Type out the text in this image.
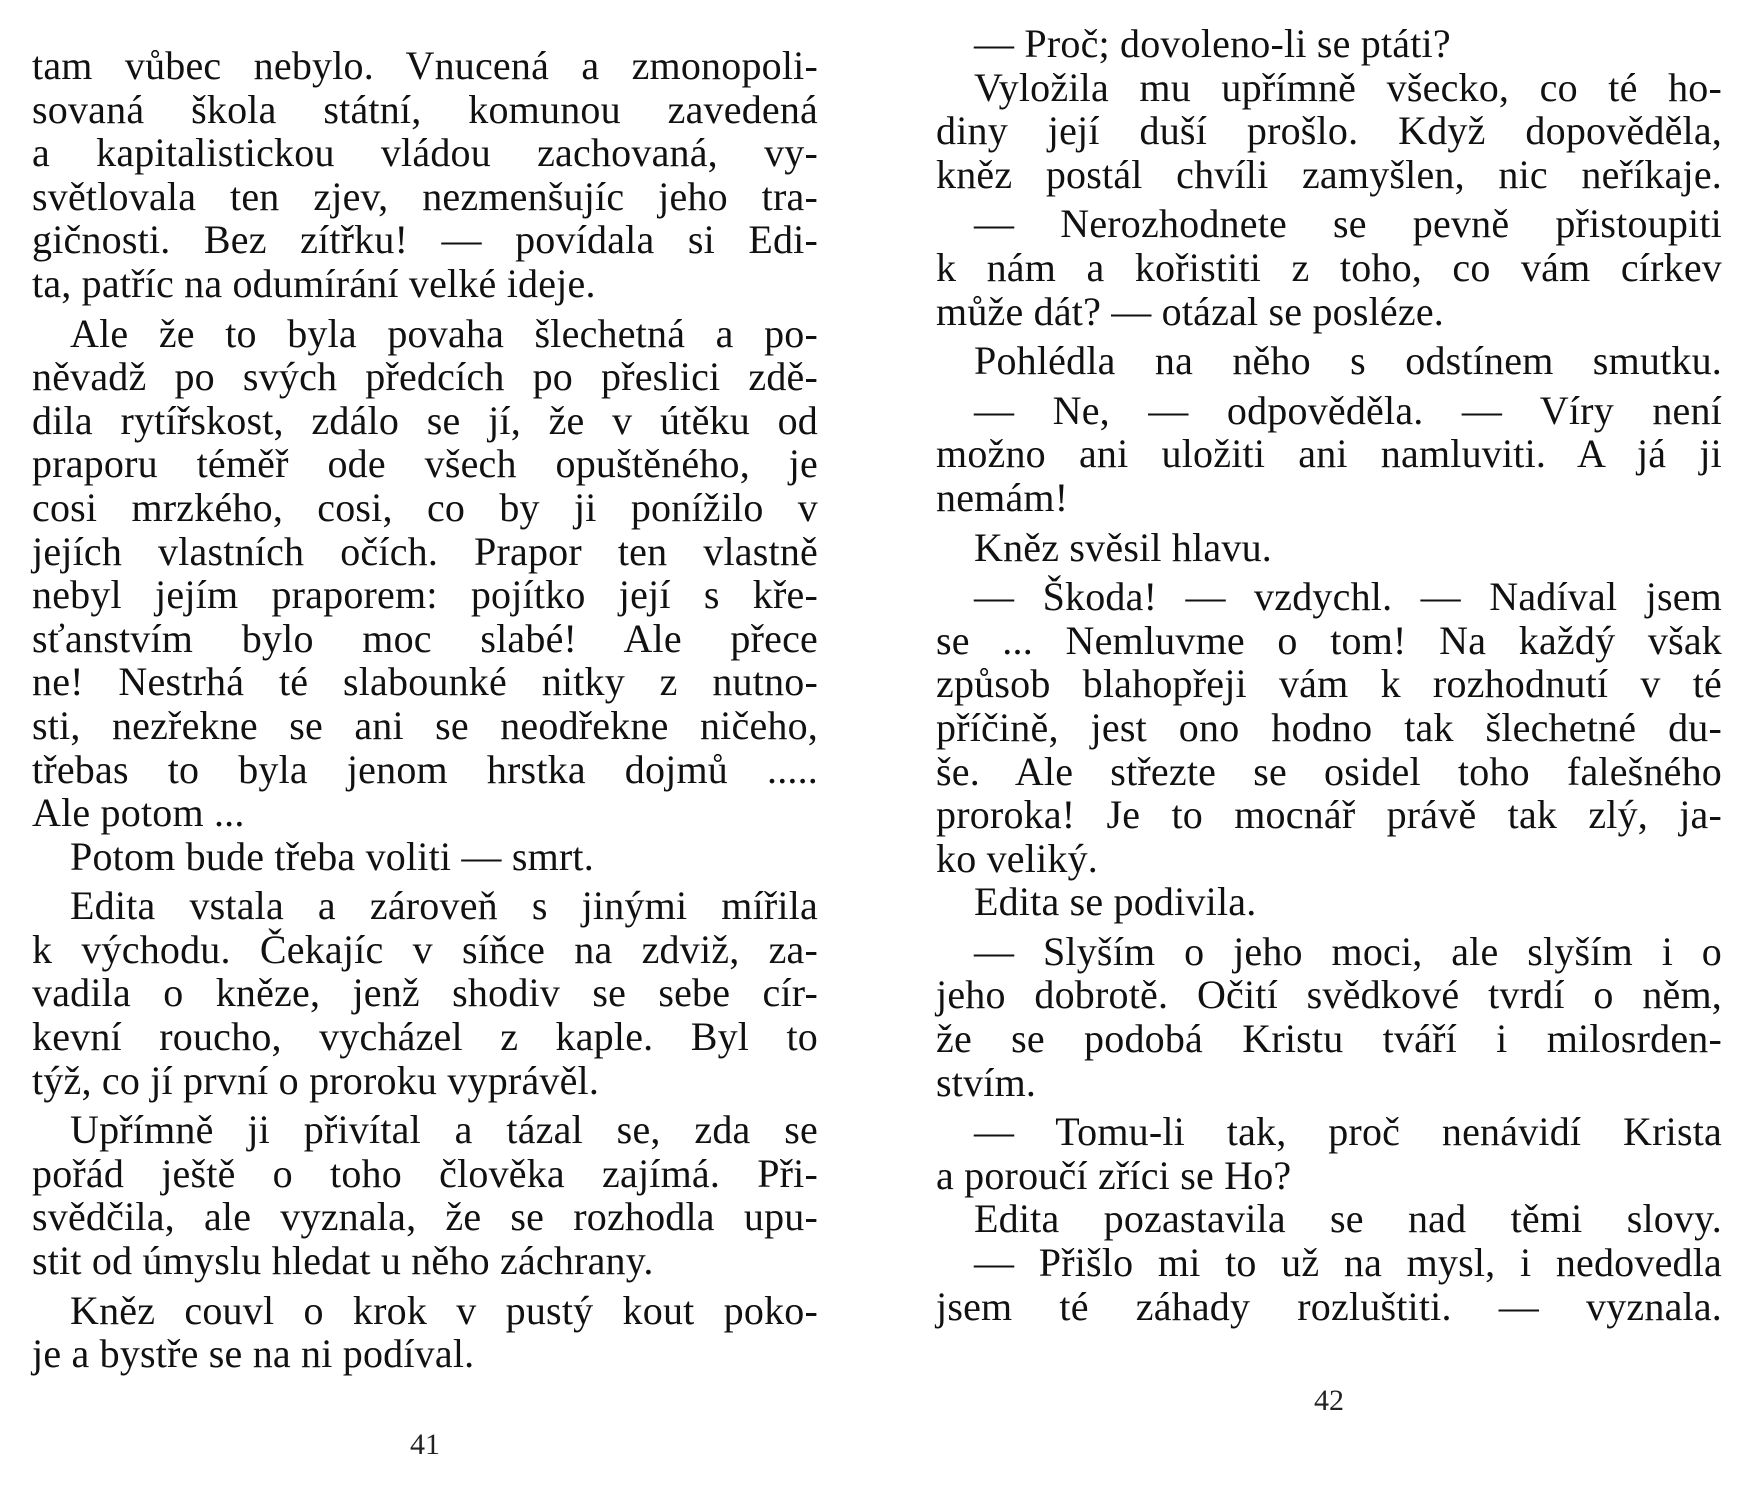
tam vůbec nebylo. Vnucená a zmonopoli-
sovaná škola státní, komunou zavedená
a kapitalistickou vládou zachovaná, vy-
světlovala ten zjev, nezmenšujíc jeho tra-
gičnosti. Bez zítřku! — povídala si Edi-
ta, patříc na odumírání velké ideje.
Ale že to byla povaha šlechetná a po-
něvadž po svých předcích po přeslici zdě-
dila rytířskost, zdálo se jí, že v útěku od
praporu téměř ode všech opuštěného, je
cosi mrzkého, cosi, co by ji ponížilo v
jejích vlastních očích. Prapor ten vlastně
nebyl jejím praporem: pojítko její s kře-
sťanstvím bylo moc slabé! Ale přece
ne! Nestrhá té slabounké nitky z nutno-
sti, nezřekne se ani se neodřekne ničeho,
třebas to byla jenom hrstka dojmů .....
Ale potom ...
Potom bude třeba voliti — smrt.
Edita vstala a zároveň s jinými mířila
k východu. Čekajíc v síňce na zdviž, za-
vadila o kněze, jenž shodiv se sebe cír-
kevní roucho, vycházel z kaple. Byl to
týž, co jí první o proroku vyprávěl.
Upřímně ji přivítal a tázal se, zda se
pořád ještě o toho člověka zajímá. Při-
svědčila, ale vyznala, že se rozhodla upu-
stit od úmyslu hledat u něho záchrany.
Kněz couvl o krok v pustý kout poko-
je a bystře se na ni podíval.
41
— Proč; dovoleno-li se ptáti?
Vyložila mu upřímně všecko, co té ho-
diny její duší prošlo. Když dopověděla,
kněz postál chvíli zamyšlen, nic neříkaje.
— Nerozhodnete se pevně přistoupiti
k nám a kořistiti z toho, co vám církev
může dát? — otázal se posléze.
Pohlédla na něho s odstínem smutku.
— Ne, — odpověděla. — Víry není
možno ani uložiti ani namluviti. A já ji
nemám!
Kněz svěsil hlavu.
— Škoda! — vzdychl. — Nadíval jsem
se ... Nemluvme o tom! Na každý však
způsob blahopřeji vám k rozhodnutí v té
příčině, jest ono hodno tak šlechetné du-
še. Ale střezte se osidel toho falešného
proroka! Je to mocnář právě tak zlý, ja-
ko veliký.
Edita se podivila.
— Slyším o jeho moci, ale slyším i o
jeho dobrotě. Očití svědkové tvrdí o něm,
že se podobá Kristu tváří i milosrden-
stvím.
— Tomu-li tak, proč nenávidí Krista
a poroučí zříci se Ho?
Edita pozastavila se nad těmi slovy.
— Přišlo mi to už na mysl, i nedovedla
jsem té záhady rozluštiti. — vyznala.
42
